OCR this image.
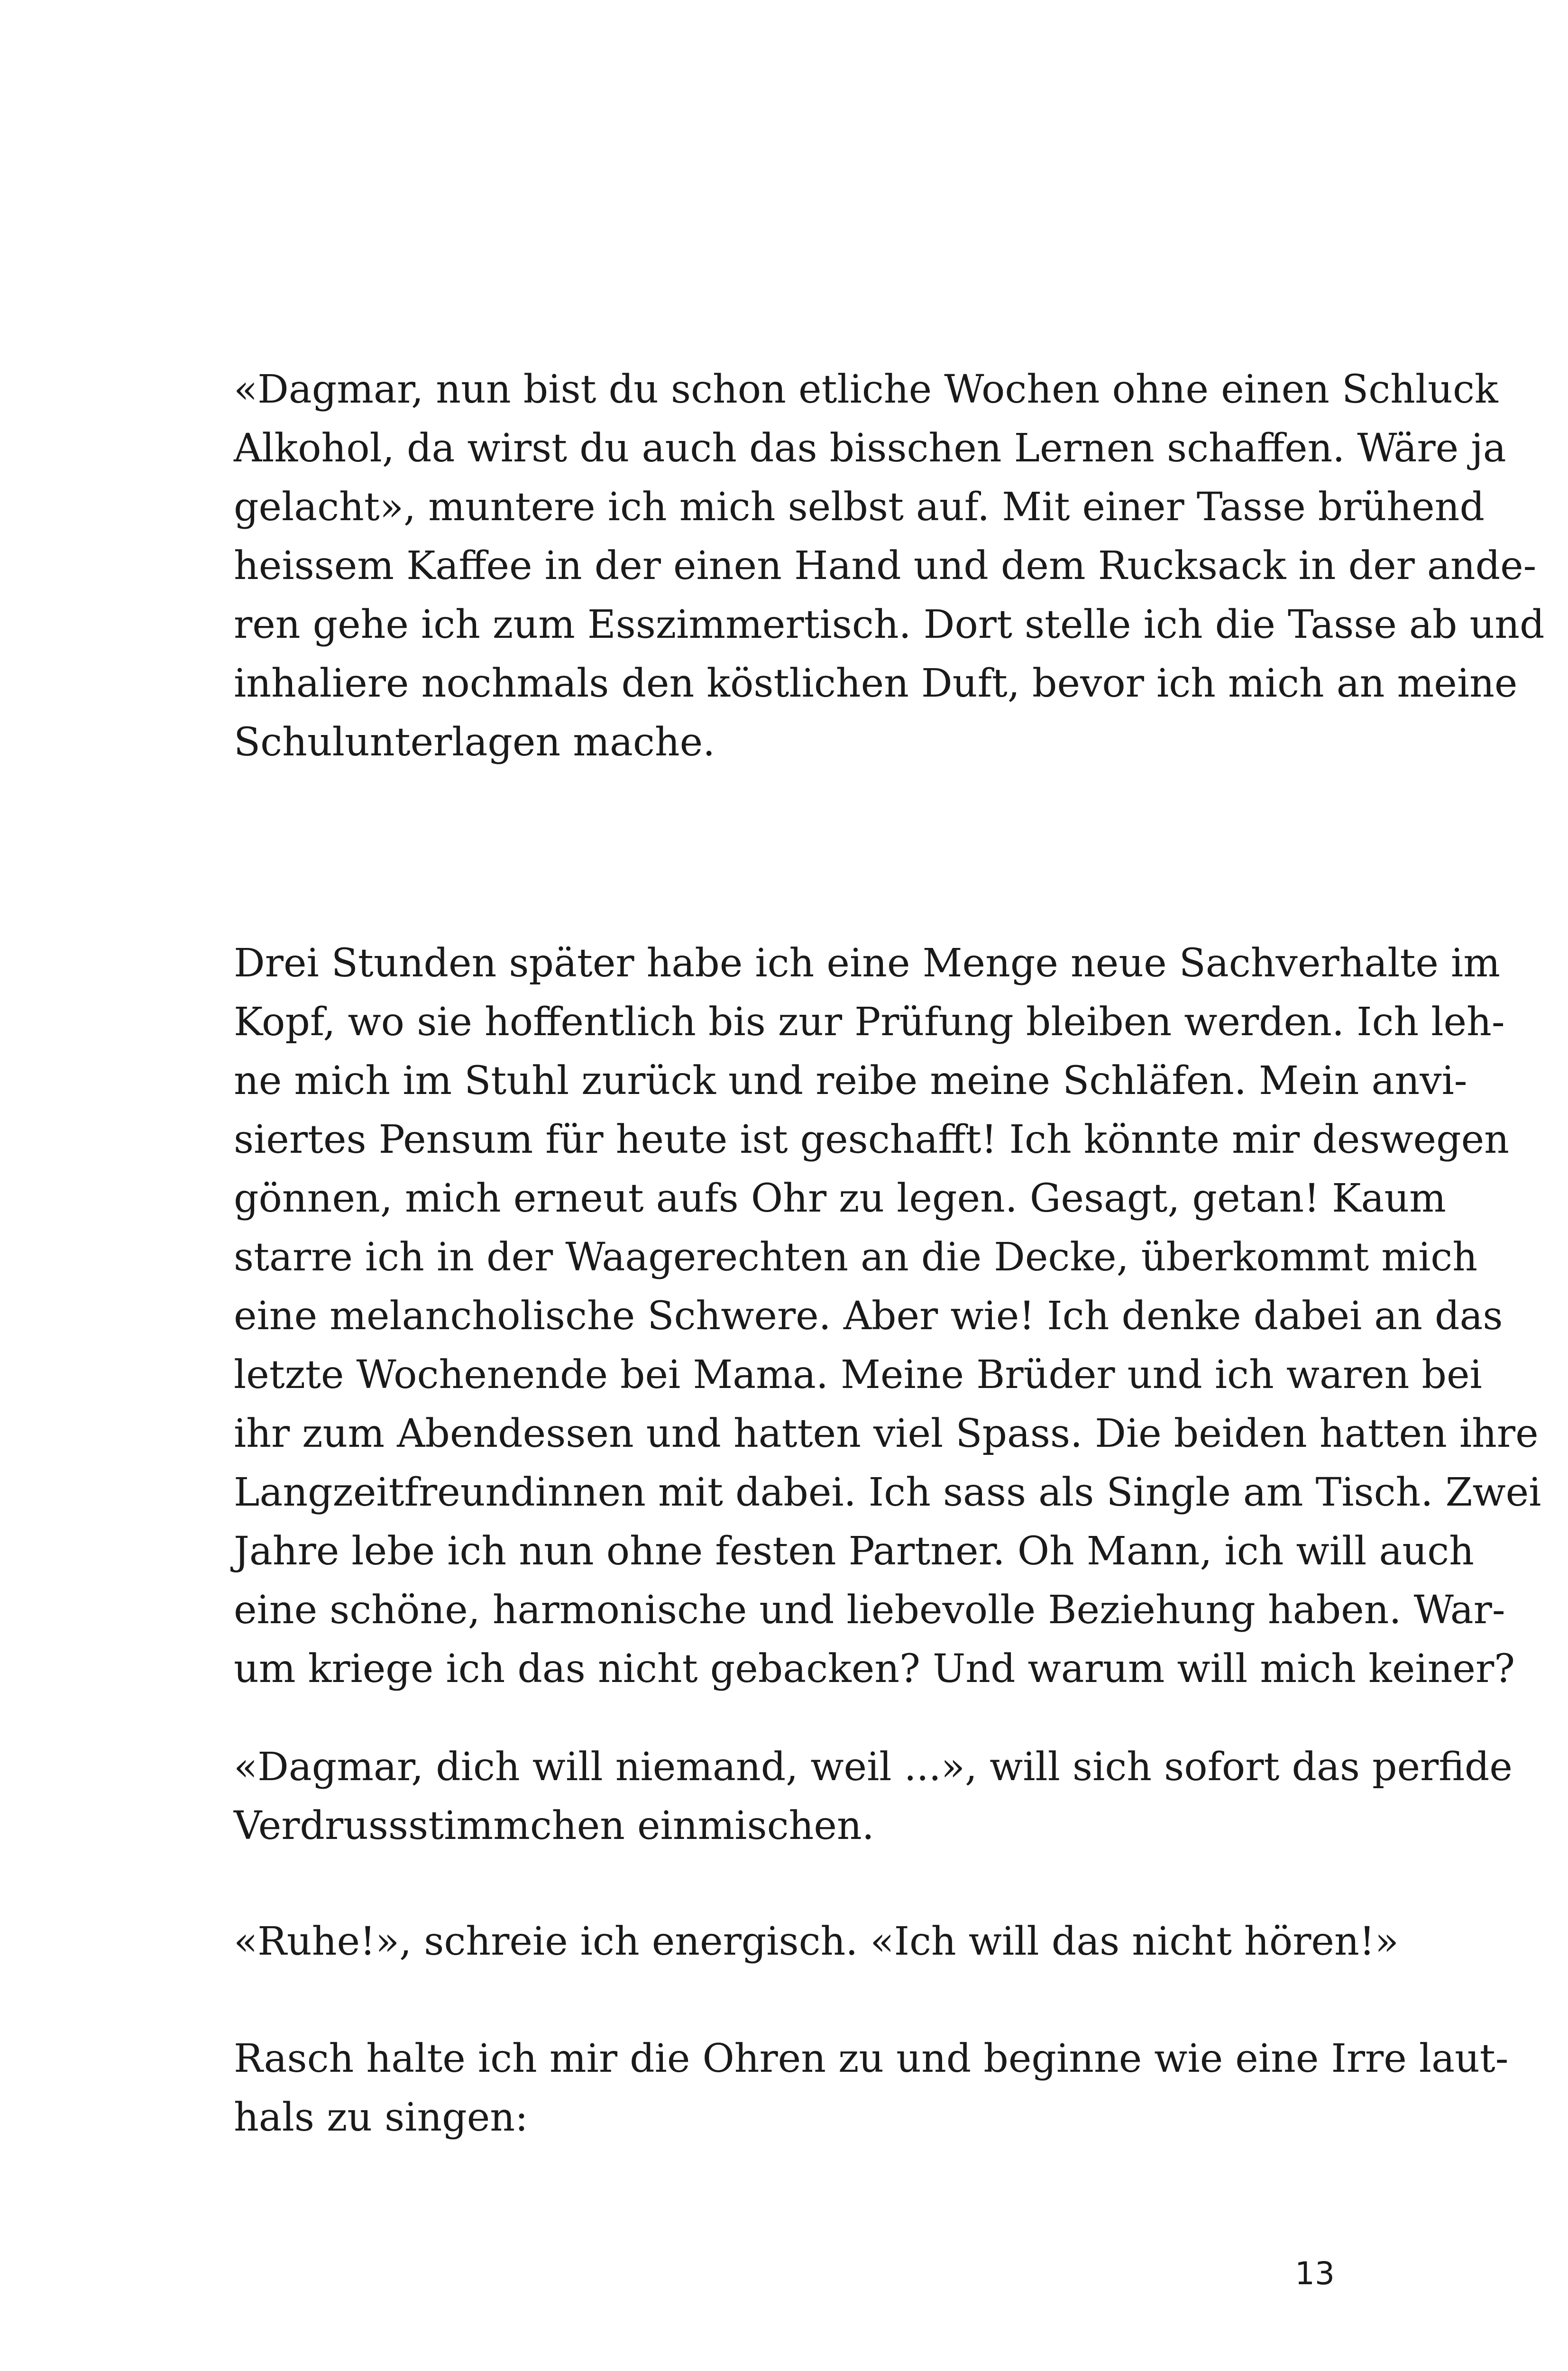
«Dagmar, nun bist du schon etliche Wochen ohne einen Schluck
Alkohol, da wirst du auch das bisschen Lernen schaffen. Wäre ja
gelacht», muntere ich mich selbst auf. Mit einer Tasse brühend
heissem Kaffee in der einen Hand und dem Rucksack in der ande-
ren gehe ich zum Esszimmertisch. Dort stelle ich die Tasse ab und
inhaliere nochmals den köstlichen Duft, bevor ich mich an meine
Schulunterlagen mache.
Drei Stunden später habe ich eine Menge neue Sachverhalte im
Kopf, wo sie hoffentlich bis zur Prüfung bleiben werden. Ich leh-
ne mich im Stuhl zurück und reibe meine Schläfen. Mein anvi-
siertes Pensum für heute ist geschafft! Ich könnte mir deswegen
gönnen, mich erneut aufs Ohr zu legen. Gesagt, getan! Kaum
starre ich in der Waagerechten an die Decke, überkommt mich
eine melancholische Schwere. Aber wie! Ich denke dabei an das
letzte Wochenende bei Mama. Meine Brüder und ich waren bei
ihr zum Abendessen und hatten viel Spass. Die beiden hatten ihre
Langzeitfreundinnen mit dabei. Ich sass als Single am Tisch. Zwei
Jahre lebe ich nun ohne festen Partner. Oh Mann, ich will auch
eine schöne, harmonische und liebevolle Beziehung haben. War-
um kriege ich das nicht gebacken? Und warum will mich keiner?
«Dagmar, dich will niemand, weil ...», will sich sofort das perfide
Verdrussstimmchen einmischen.
«Ruhe!», schreie ich energisch. «Ich will das nicht hören!»
Rasch halte ich mir die Ohren zu und beginne wie eine Irre laut-
hals zu singen:
13
